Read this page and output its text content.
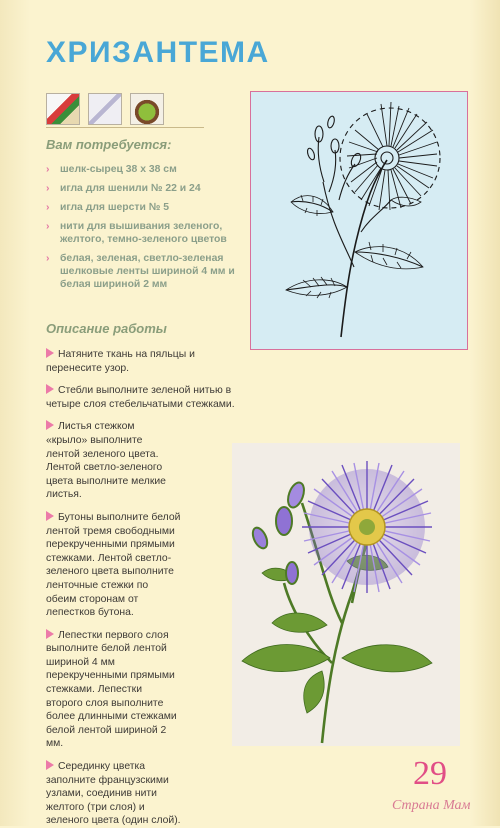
ХРИЗАНТЕМА
Вам потребуется:
› шелк-сырец 38 х 38 см
› игла для шенили № 22 и 24
› игла для шерсти № 5
› нити для вышивания зеленого, желтого, темно-зеленого цветов
› белая, зеленая, светло-зеленая шелковые ленты шириной 4 мм и белая шириной 2 мм
Описание работы
Натяните ткань на пяльцы и перенесите узор.
Стебли выполните зеленой нитью в четыре слоя стебельчатыми стежками.
Листья стежком «крыло» выполните лентой зеленого цвета. Лентой светло-зеленого цвета выполните мелкие листья.
Бутоны выполните белой лентой тремя свободными перекрученными прямыми стежками. Лентой светло-зеленого цвета выполните ленточные стежки по обеим сторонам от лепестков бутона.
Лепестки первого слоя выполните белой лентой шириной 4 мм перекрученными прямыми стежками. Лепестки второго слоя выполните более длинными стежками белой лентой шириной 2 мм.
Серединку цветка заполните французскими узлами, соединив нити желтого (три слоя) и зеленого цвета (один слой).
29
Страна Мам
